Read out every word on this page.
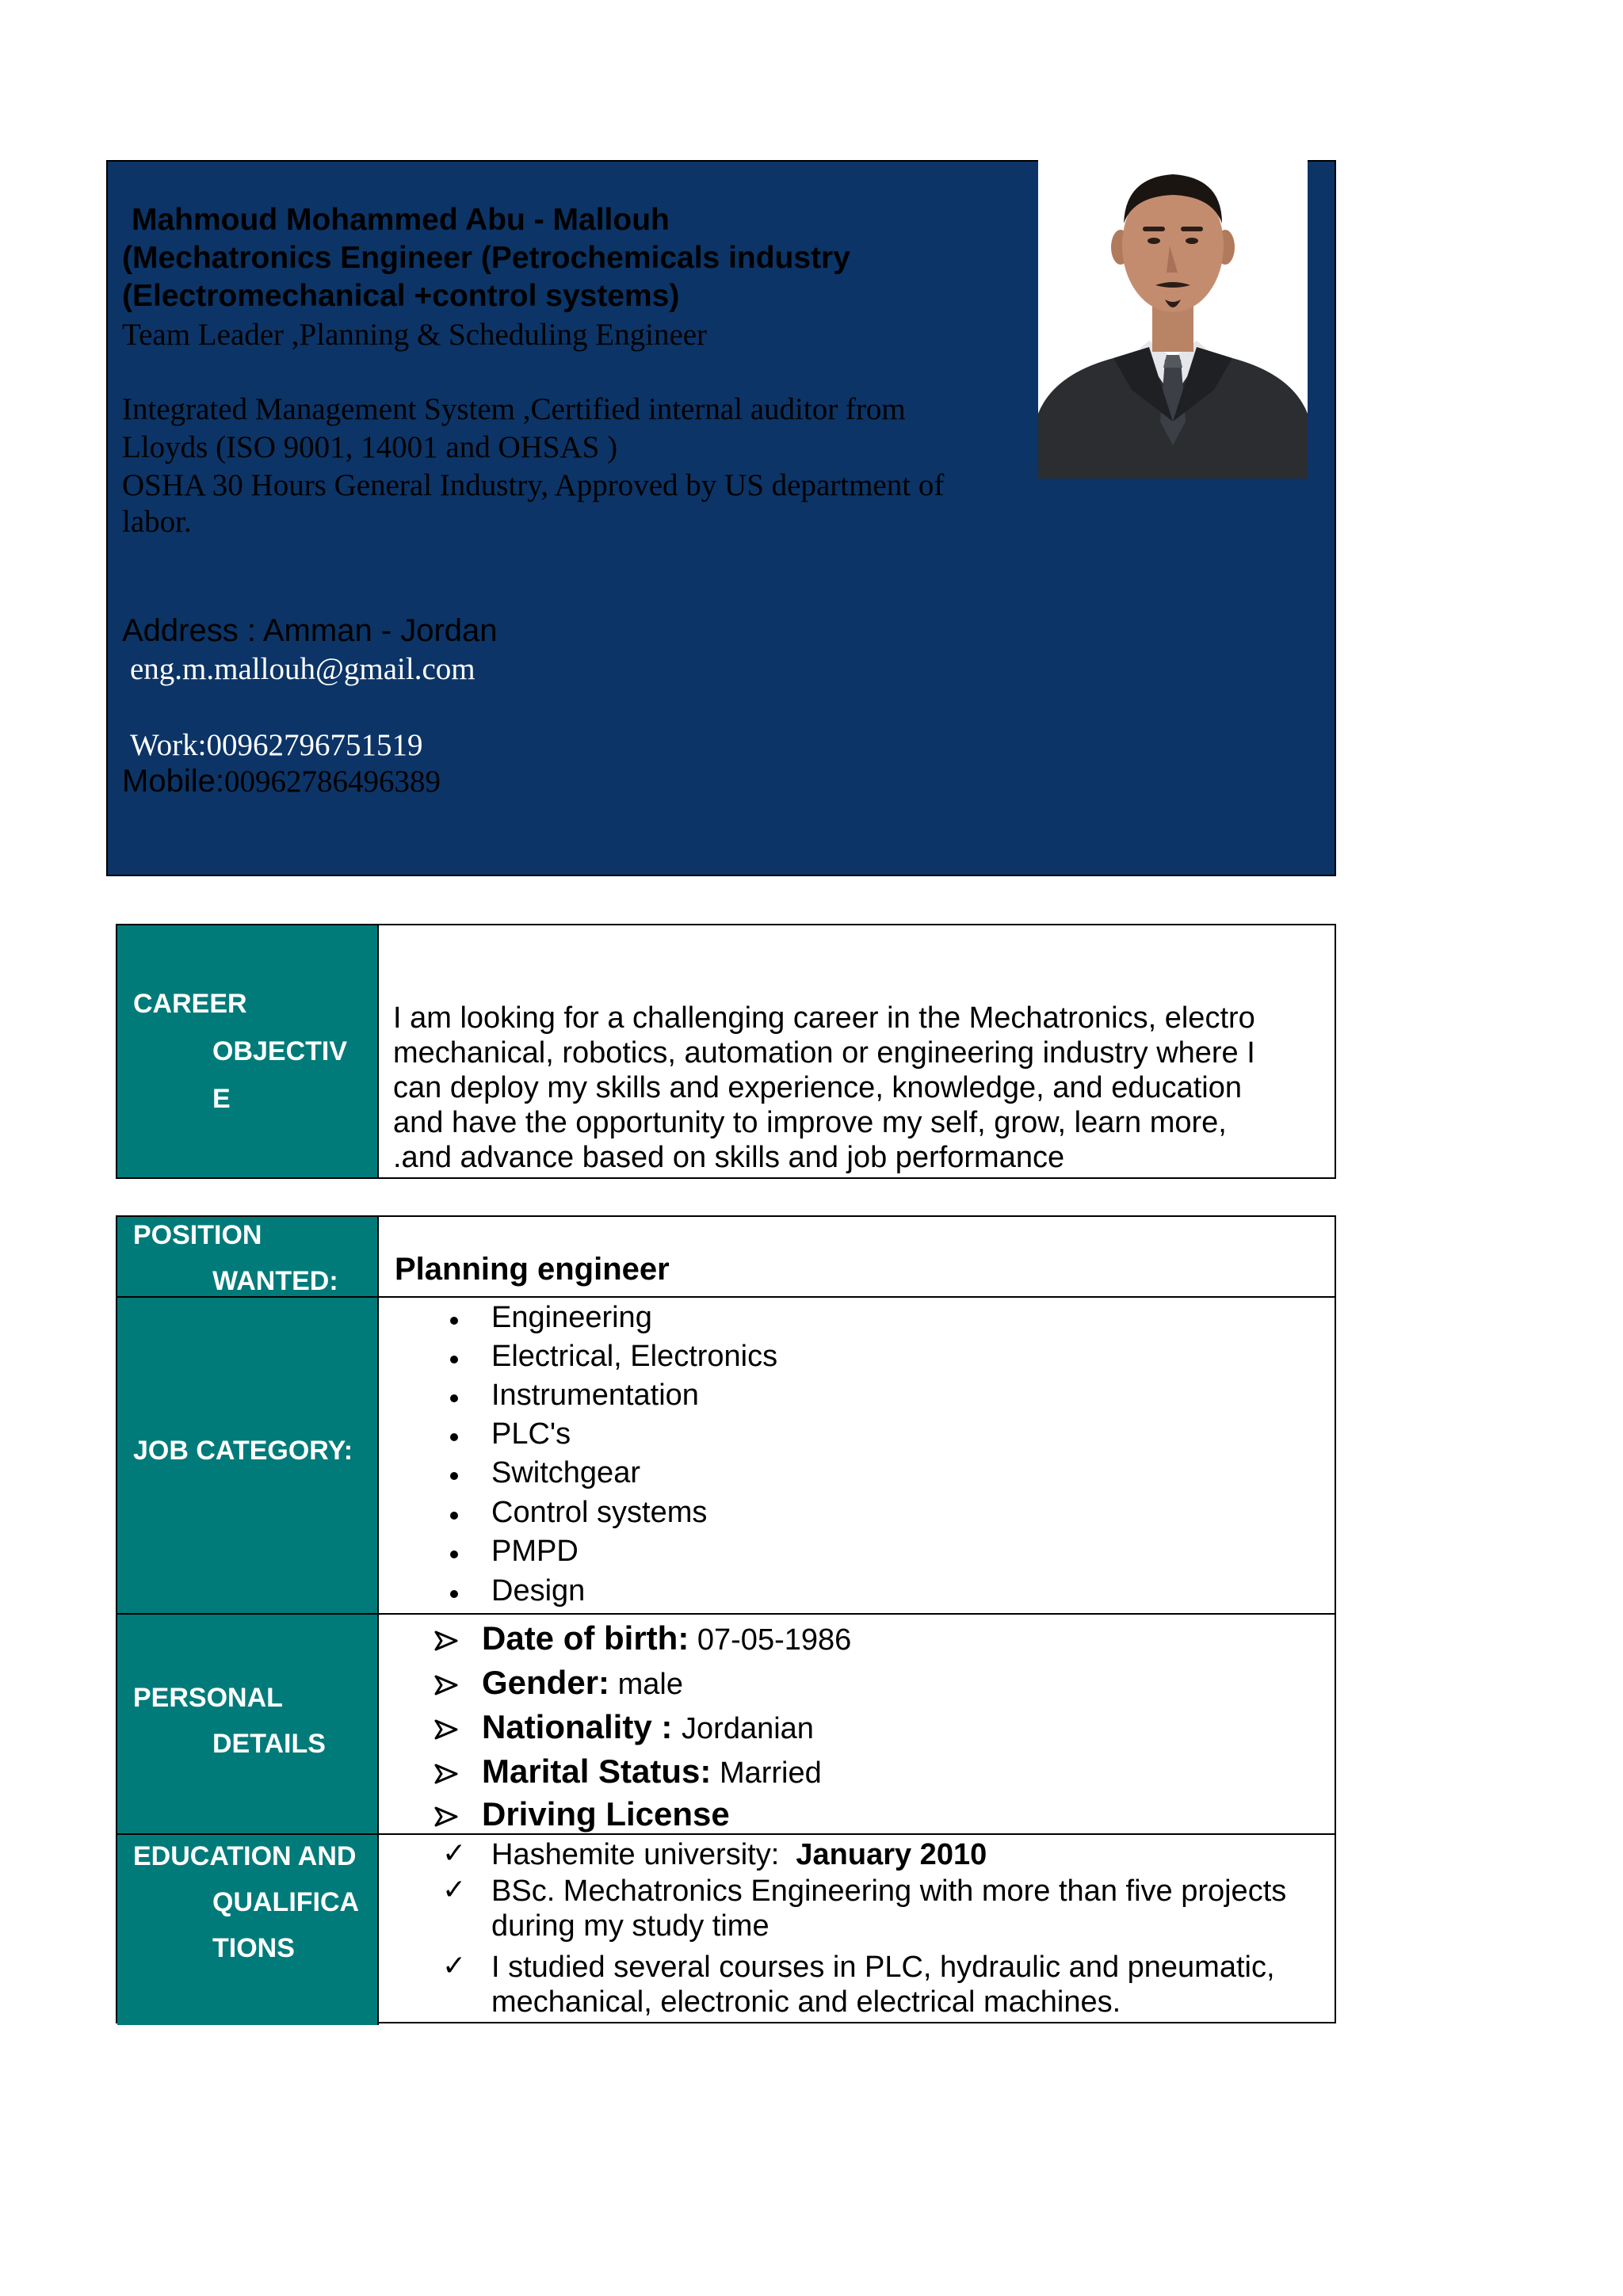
Mahmoud Mohammed Abu - Mallouh
(Mechatronics Engineer (Petrochemicals industry
(Electromechanical +control systems)
Team Leader ,Planning & Scheduling Engineer
Integrated Management System ,Certified internal auditor from
Lloyds (ISO 9001, 14001 and OHSAS )
OSHA 30 Hours General Industry, Approved by US department of
labor.
Address : Amman - Jordan
eng.m.mallouh@gmail.com
Work:00962796751519
Mobile:00962786496389
CAREER
OBJECTIV
E
I am looking for a challenging career in the Mechatronics, electro
mechanical, robotics, automation or engineering industry where I
can deploy my skills and experience, knowledge, and education
and have the opportunity to improve my self, grow, learn more,
.and advance based on skills and job performance
POSITION
WANTED: Planning engineer
JOB CATEGORY:
Engineering
Electrical, Electronics
Instrumentation
PLC's
Switchgear
Control systems
PMPD
Design
PERSONAL
DETAILS
Date of birth: 07-05-1986
Gender: male
Nationality : Jordanian
Marital Status: Married
Driving License
EDUCATION AND
QUALIFICA
TIONS
✓ Hashemite university:  January 2010
✓ BSc. Mechatronics Engineering with more than five projects
during my study time
✓ I studied several courses in PLC, hydraulic and pneumatic,
mechanical, electronic and electrical machines.
